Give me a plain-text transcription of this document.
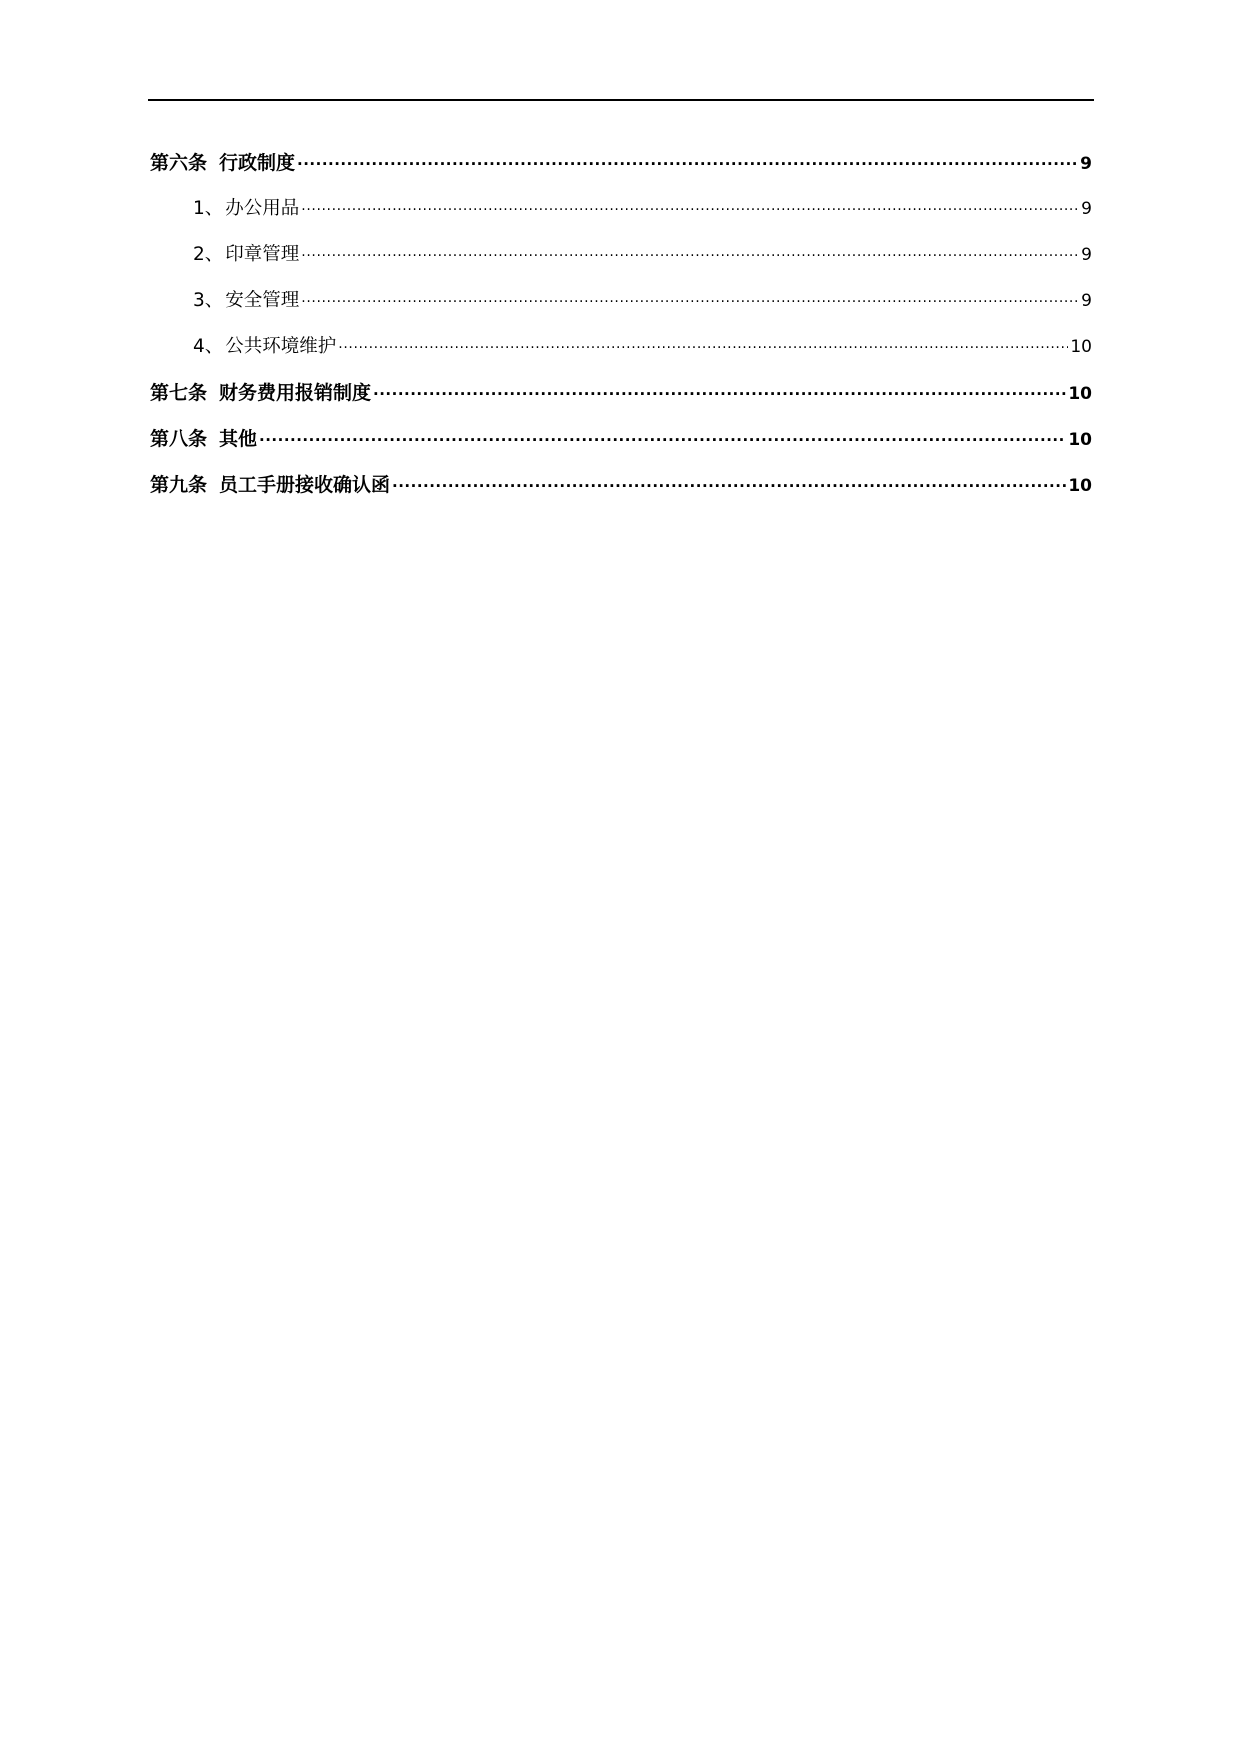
第六条 行政制度 .....	9
1、 办公用品 .....	9
2、 印章管理 .....	9
3、 安全管理 .....	9
4、 公共环境维护 .....	10
第七条 财务费用报销制度 .....	10
第八条 其他 .....	10
第九条 员工手册接收确认函 .....	10
